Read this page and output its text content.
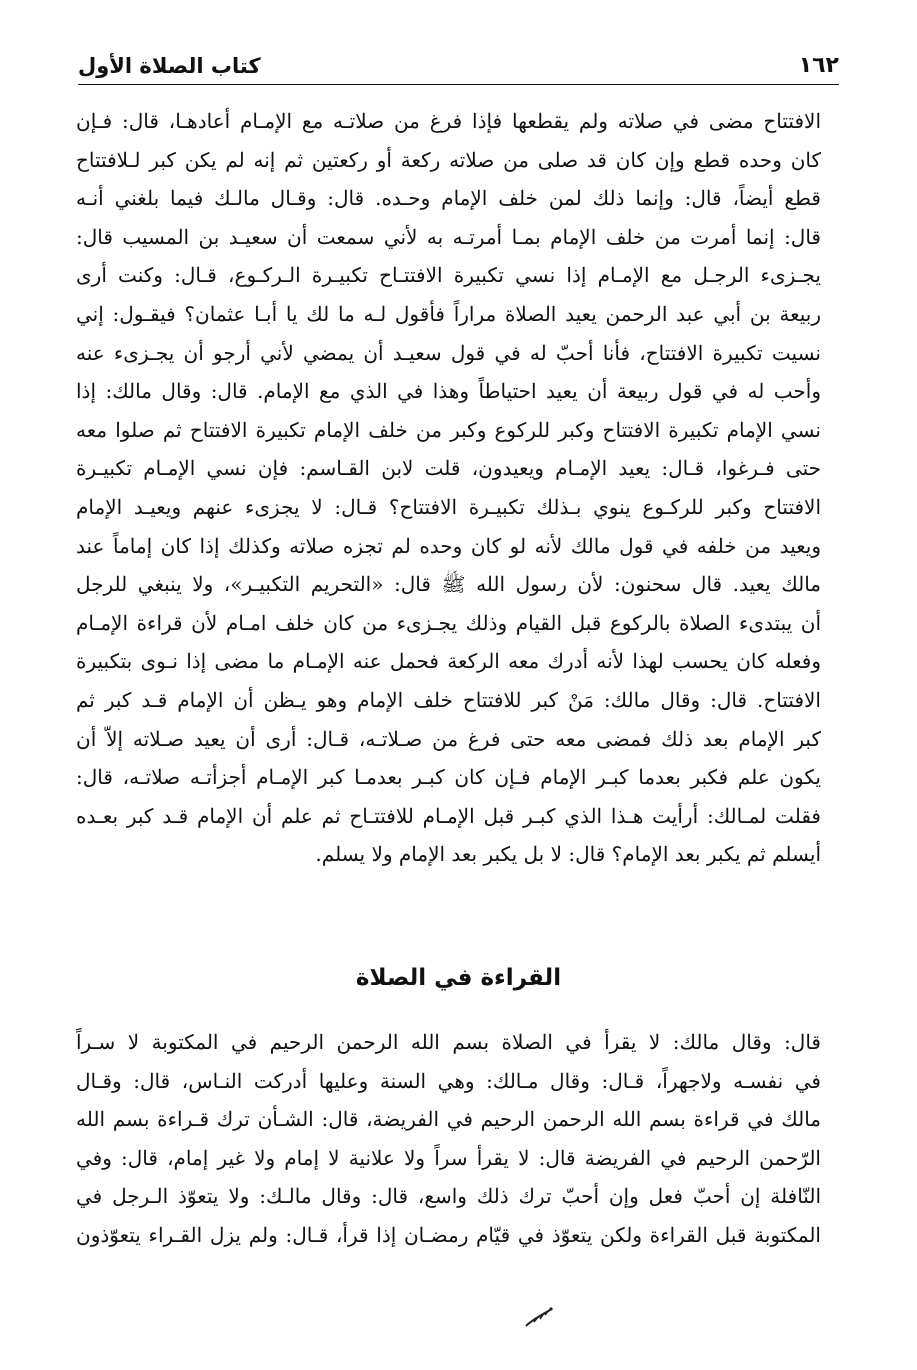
كتاب الصلاة الأول	١٦٢
الافتتاح مضى في صلاته ولم يقطعها فإذا فرغ من صلاتـه مع الإمـام أعادهـا، قال: فـإن
كان وحده قطع وإن كان قد صلى من صلاته ركعة أو ركعتين ثم إنه لم يكن كبر لـلافتتاح
قطع أيضاً، قال: وإنما ذلك لمن خلف الإمام وحـده. قال: وقـال مالـك فيما بلغني أنـه
قال: إنما أمرت من خلف الإمام بمـا أمرتـه به لأني سمعت أن سعيـد بن المسيب قال:
يجـزىء الرجـل مع الإمـام إذا نسي تكبيرة الافتتـاح تكبيـرة الـركـوع، قـال: وكنت أرى
ربيعة بن أبي عبد الرحمن يعيد الصلاة مراراً فأقول لـه ما لك يا أبـا عثمان؟ فيقـول: إني
نسيت تكبيرة الافتتاح، فأنا أحبّ له في قول سعيـد أن يمضي لأني أرجو أن يجـزىء عنه
وأحب له في قول ربيعة أن يعيد احتياطاً وهذا في الذي مع الإمام. قال: وقال مالك: إذا
نسي الإمام تكبيرة الافتتاح وكبر للركوع وكبر من خلف الإمام تكبيرة الافتتاح ثم صلوا معه
حتى فـرغوا، قـال: يعيد الإمـام ويعيدون، قلت لابن القـاسم: فإن نسي الإمـام تكبيـرة
الافتتاح وكبر للركـوع ينوي بـذلك تكبيـرة الافتتاح؟ قـال: لا يجزىء عنهم ويعيـد الإمام
ويعيد من خلفه في قول مالك لأنه لو كان وحده لم تجزه صلاته وكذلك إذا كان إماماً عند
مالك يعيد. قال سحنون: لأن رسول الله ﷺ قال: «التحريم التكبيـر»، ولا ينبغي للرجل
أن يبتدىء الصلاة بالركوع قبل القيام وذلك يجـزىء من كان خلف امـام لأن قراءة الإمـام
وفعله كان يحسب لهذا لأنه أدرك معه الركعة فحمل عنه الإمـام ما مضى إذا نـوى بتكبيرة
الافتتاح. قال: وقال مالك: مَنْ كبر للافتتاح خلف الإمام وهو يـظن أن الإمام قـد كبر ثم
كبر الإمام بعد ذلك فمضى معه حتى فرغ من صـلاتـه، قـال: أرى أن يعيد صـلاته إلاّ أن
يكون علم فكبر بعدما كبـر الإمام فـإن كان كبـر بعدمـا كبر الإمـام أجزأتـه صلاتـه، قال:
فقلت لمـالك: أرأيت هـذا الذي كبـر قبل الإمـام للافتتـاح ثم علم أن الإمام قـد كبر بعـده
أيسلم ثم يكبر بعد الإمام؟ قال: لا بل يكبر بعد الإمام ولا يسلم.
القراءة في الصلاة
قال: وقال مالك: لا يقرأ في الصلاة بسم الله الرحمن الرحيم في المكتوبة لا سـراً
في نفسـه ولاجهراً، قـال: وقال مـالك: وهي السنة وعليها أدركت النـاس، قال: وقـال
مالك في قراءة بسم الله الرحمن الرحيم في الفريضة، قال: الشـأن ترك قـراءة بسم الله
الرّحمن الرحيم في الفريضة قال: لا يقرأ سراً ولا علانية لا إمام ولا غير إمام، قال: وفي
النّافلة إن أحبّ فعل وإن أحبّ ترك ذلك واسع، قال: وقال مالـك: ولا يتعوّذ الـرجل في
المكتوبة قبل القراءة ولكن يتعوّذ في قيّام رمضـان إذا قرأ، قـال: ولم يزل القـراء يتعوّذون
